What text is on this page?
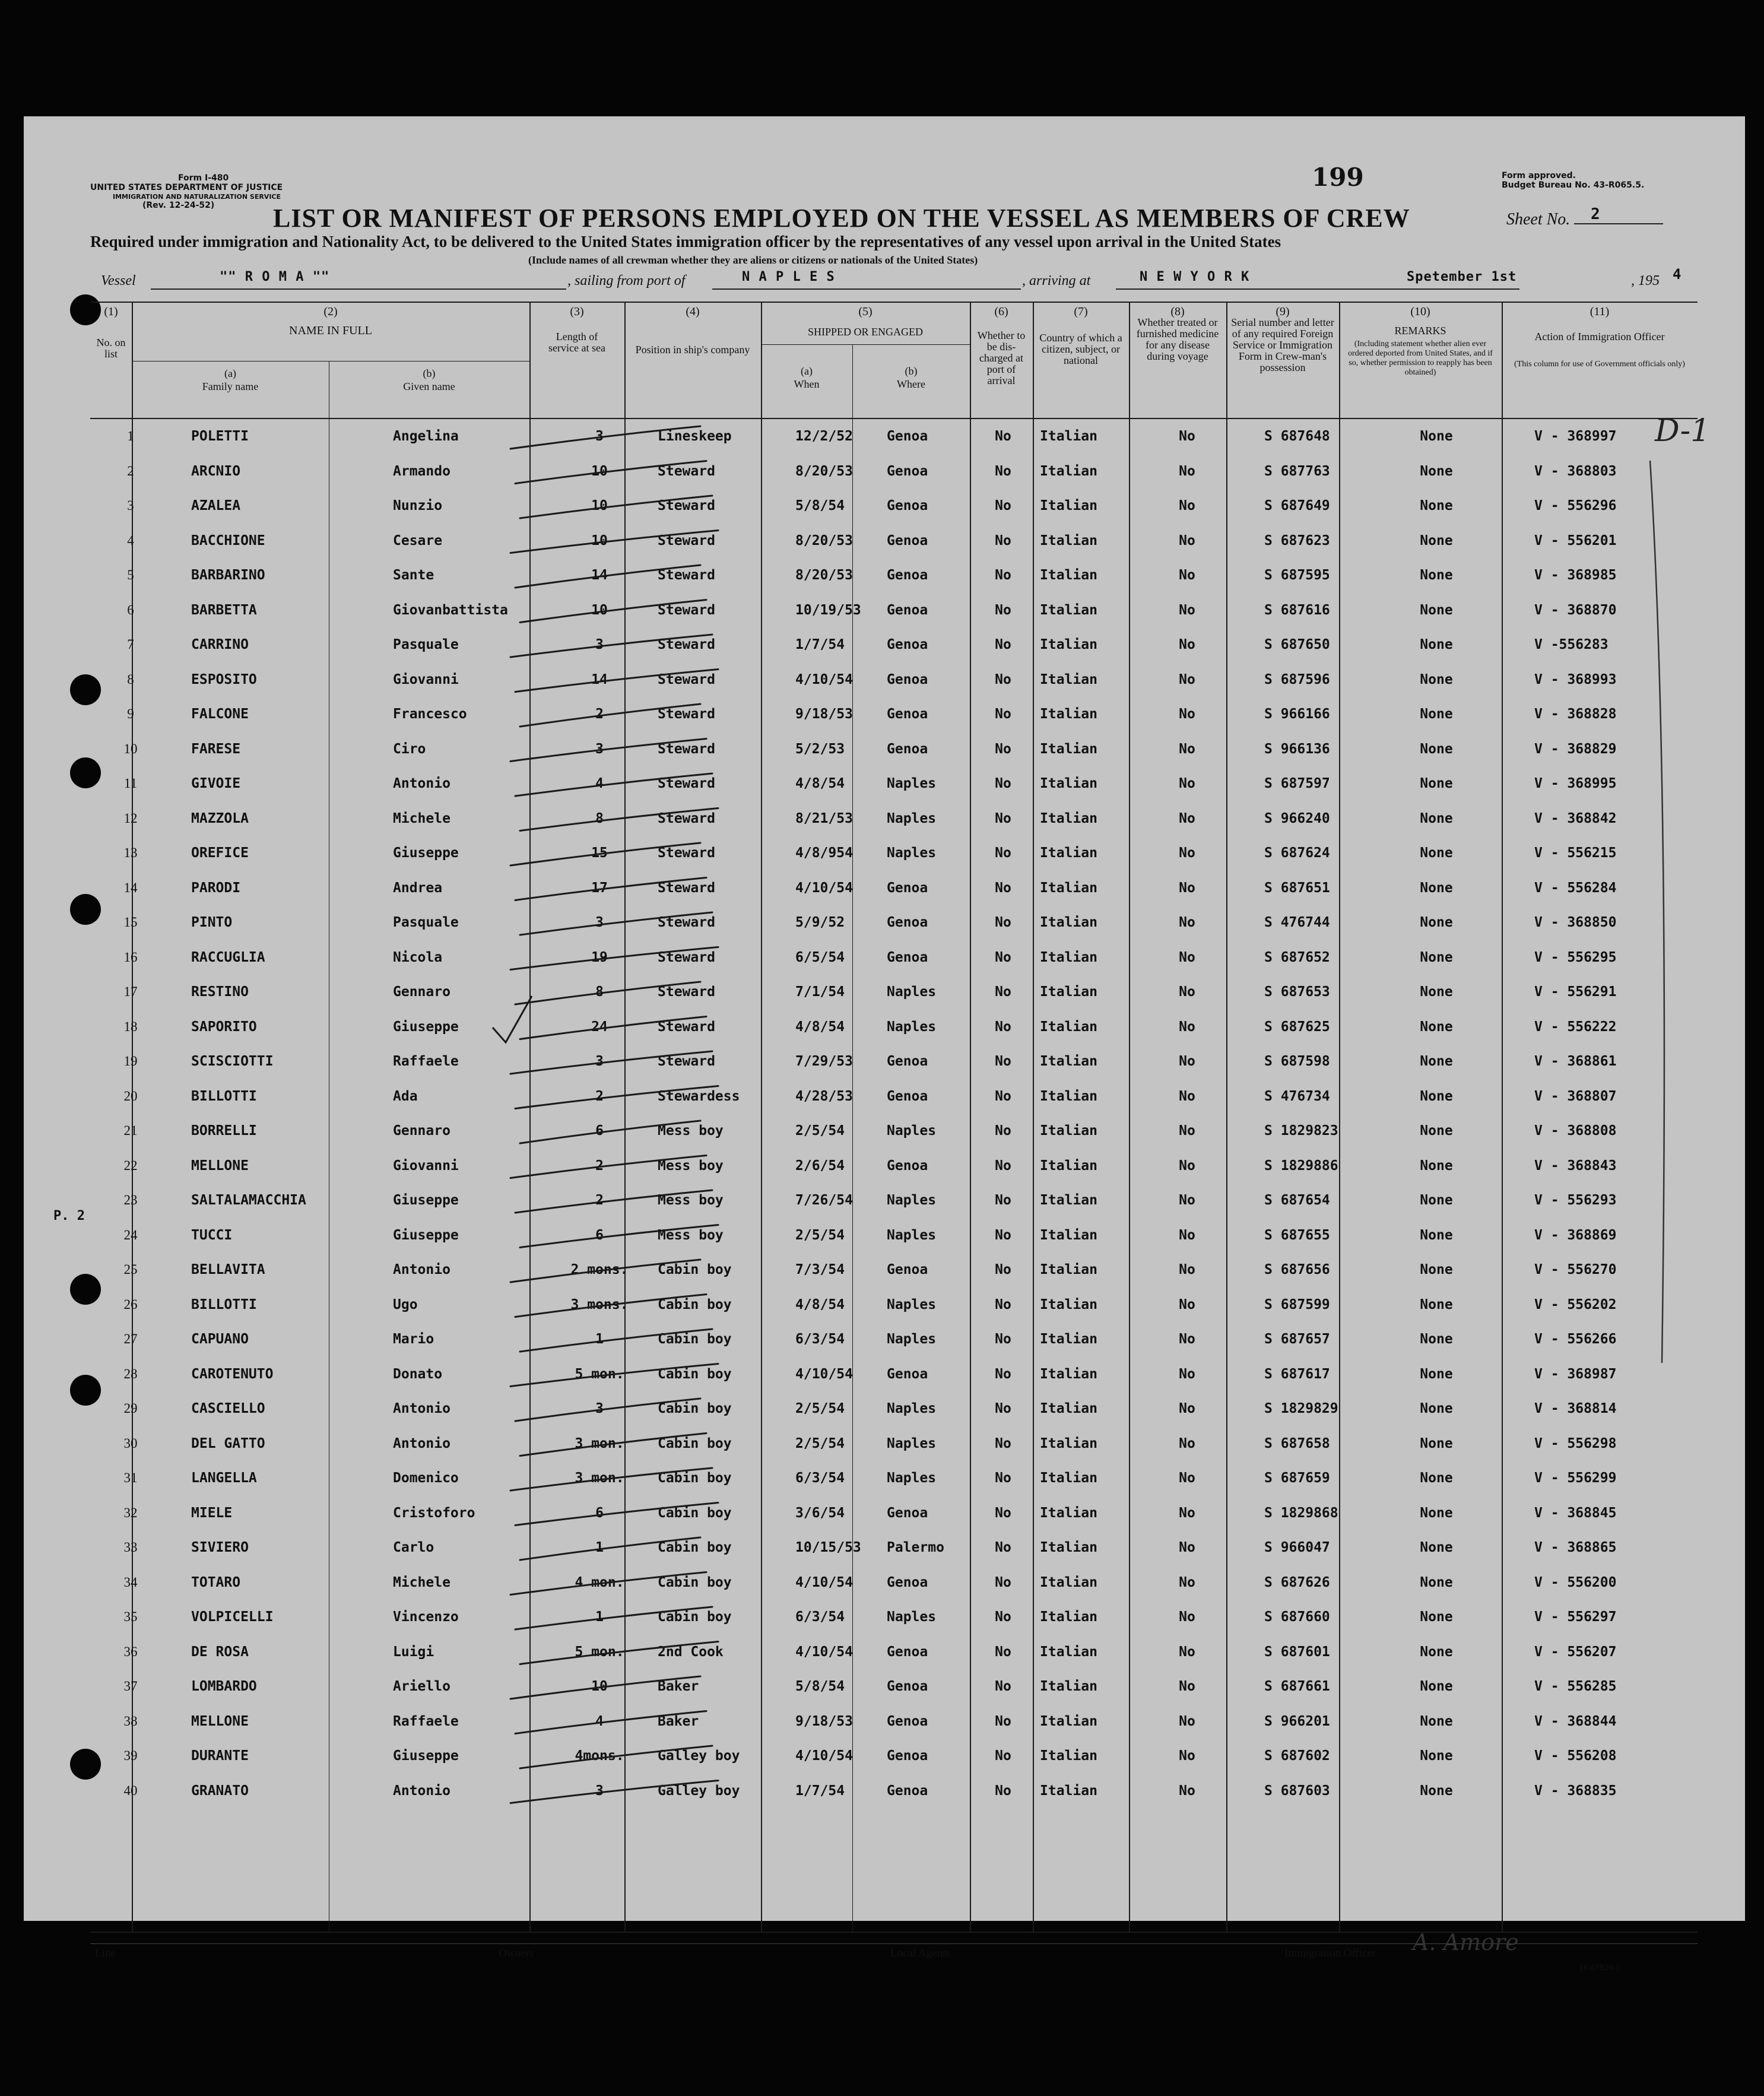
Form I-480
UNITED STATES DEPARTMENT OF JUSTICE
IMMIGRATION AND NATURALIZATION SERVICE
(Rev. 12-24-52)
199	Form approved.
Budget Bureau No. 43-R065.5.
LIST OR MANIFEST OF PERSONS EMPLOYED ON THE VESSEL AS MEMBERS OF CREW	Sheet No. 2
Required under immigration and Nationality Act, to be delivered to the United States immigration officer by the representatives of any vessel upon arrival in the United States
(Include names of all crewman whether they are aliens or citizens or nationals of the United States)
Vessel	"" R O M A ""	, sailing from port of	N A P L E S	, arriving at	N E W Y O R K	Spetember 1st	, 195 4
(1)	(2)	(3)	(4)	(5)	(6)	(7)	(8)	(9)	(10)	(11)
No. on list
NAME IN FULL
(a)
Family name
(b)
Given name
Length of service at sea	Position in ship's company
SHIPPED OR ENGAGED
(a)
When
(b)
Where
Whether to be dis-charged at port of arrival
Country of which a citizen, subject, or national
Whether treated or furnished medicine for any disease during voyage
Serial number and letter of any required Foreign Service or Immigration Form in Crew-man's possession
REMARKS
(Including statement whether alien ever ordered deported from United States, and if so, whether permission to reapply has been obtained)
Action of Immigration Officer
(This column for use of Government officials only)
1	POLETTI	Angelina	3	Lineskeep	12/2/52 Genoa	No	Italian	No	S 687648	None	V - 368997
2	ARCNIO	Armando	10	Steward	8/20/53 Genoa	No	Italian	No	S 687763	None	V - 368803
3	AZALEA	Nunzio	10	Steward	5/8/54	Genoa	No	Italian	No	S 687649	None	V - 556296
4	BACCHIONE	Cesare	10	Steward	8/20/53 Genoa	No	Italian	No	S 687623	None	V - 556201
5	BARBARINO	Sante	14	Steward	8/20/53 Genoa	No	Italian	No	S 687595	None	V - 368985
6	BARBETTA	Giovanbattista	10	Steward	10/19/53 Genoa	No	Italian	No	S 687616	None	V - 368870
7	CARRINO	Pasquale	3	Steward	1/7/54	Genoa	No	Italian	No	S 687650	None	V -556283
8	ESPOSITO	Giovanni	14	Steward	4/10/54 Genoa	No	Italian	No	S 687596	None	V - 368993
9	FALCONE	Francesco	2	Steward	9/18/53 Genoa	No	Italian	No	S 966166	None	V - 368828
10	FARESE	Ciro	3	Steward	5/2/53	Genoa	No	Italian	No	S 966136	None	V - 368829
11	GIVOIE	Antonio	4	Steward	4/8/54	Naples	No	Italian	No	S 687597	None	V - 368995
12	MAZZOLA	Michele	8	Steward	8/21/53 Naples	No	Italian	No	S 966240	None	V - 368842
13	OREFICE	Giuseppe	15	Steward	4/8/954 Naples	No	Italian	No	S 687624	None	V - 556215
14	PARODI	Andrea	17	Steward	4/10/54 Genoa	No	Italian	No	S 687651	None	V - 556284
15	PINTO	Pasquale	3	Steward	5/9/52	Genoa	No	Italian	No	S 476744	None	V - 368850
16	RACCUGLIA	Nicola	19	Steward	6/5/54	Genoa	No	Italian	No	S 687652	None	V - 556295
17	RESTINO	Gennaro	8	Steward	7/1/54	Naples	No	Italian	No	S 687653	None	V - 556291
18	SAPORITO	Giuseppe	24	Steward	4/8/54	Naples	No	Italian	No	S 687625	None	V - 556222
19	SCISCIOTTI	Raffaele	3	Steward	7/29/53 Genoa	No	Italian	No	S 687598	None	V - 368861
20	BILLOTTI	Ada	2	Stewardess	4/28/53 Genoa	No	Italian	No	S 476734	None	V - 368807
21	BORRELLI	Gennaro	6	Mess boy	2/5/54	Naples	No	Italian	No	S 1829823	None	V - 368808
22	MELLONE	Giovanni	2	Mess boy	2/6/54	Genoa	No	Italian	No	S 1829886	None	V - 368843
23	SALTALAMACCHIA	Giuseppe	2	Mess boy	7/26/54 Naples	No	Italian	No	S 687654	None	V - 556293
24	TUCCI	Giuseppe	6	Mess boy	2/5/54	Naples	No	Italian	No	S 687655	None	V - 368869
25	BELLAVITA	Antonio	2 mons.	Cabin boy	7/3/54	Genoa	No	Italian	No	S 687656	None	V - 556270
26	BILLOTTI	Ugo	3 mons.	Cabin boy	4/8/54	Naples	No	Italian	No	S 687599	None	V - 556202
27	CAPUANO	Mario	1	Cabin boy	6/3/54	Naples	No	Italian	No	S 687657	None	V - 556266
28	CAROTENUTO	Donato	5 mon.	Cabin boy	4/10/54 Genoa	No	Italian	No	S 687617	None	V - 368987
29	CASCIELLO	Antonio	3	Cabin boy	2/5/54	Naples	No	Italian	No	S 1829829	None	V - 368814
30	DEL GATTO	Antonio	3 mon.	Cabin boy	2/5/54	Naples	No	Italian	No	S 687658	None	V - 556298
31	LANGELLA	Domenico	3 mon.	Cabin boy	6/3/54	Naples	No	Italian	No	S 687659	None	V - 556299
32	MIELE	Cristoforo	6	Cabin boy	3/6/54	Genoa	No	Italian	No	S 1829868	None	V - 368845
33	SIVIERO	Carlo	1	Cabin boy	10/15/53 Palermo	No	Italian	No	S 966047	None	V - 368865
34	TOTARO	Michele	4 mon.	Cabin boy	4/10/54 Genoa	No	Italian	No	S 687626	None	V - 556200
35	VOLPICELLI	Vincenzo	1	Cabin boy	6/3/54	Naples	No	Italian	No	S 687660	None	V - 556297
36	DE ROSA	Luigi	5 mon.	2nd Cook	4/10/54 Genoa	No	Italian	No	S 687601	None	V - 556207
37	LOMBARDO	Ariello	10	Baker	5/8/54	Genoa	No	Italian	No	S 687661	None	V - 556285
38	MELLONE	Raffaele	4	Baker	9/18/53 Genoa	No	Italian	No	S 966201	None	V - 368844
39	DURANTE	Giuseppe	4mons.	Galley boy	4/10/54 Genoa	No	Italian	No	S 687602	None	V - 556208
40	GRANATO	Antonio	3	Galley boy	1/7/54	Genoa	No	Italian	No	S 687603	None	V - 368835
P. 2
D-1
Line	Owners	Local Agents	Immigration Officer A. Amore
16-67829-1
